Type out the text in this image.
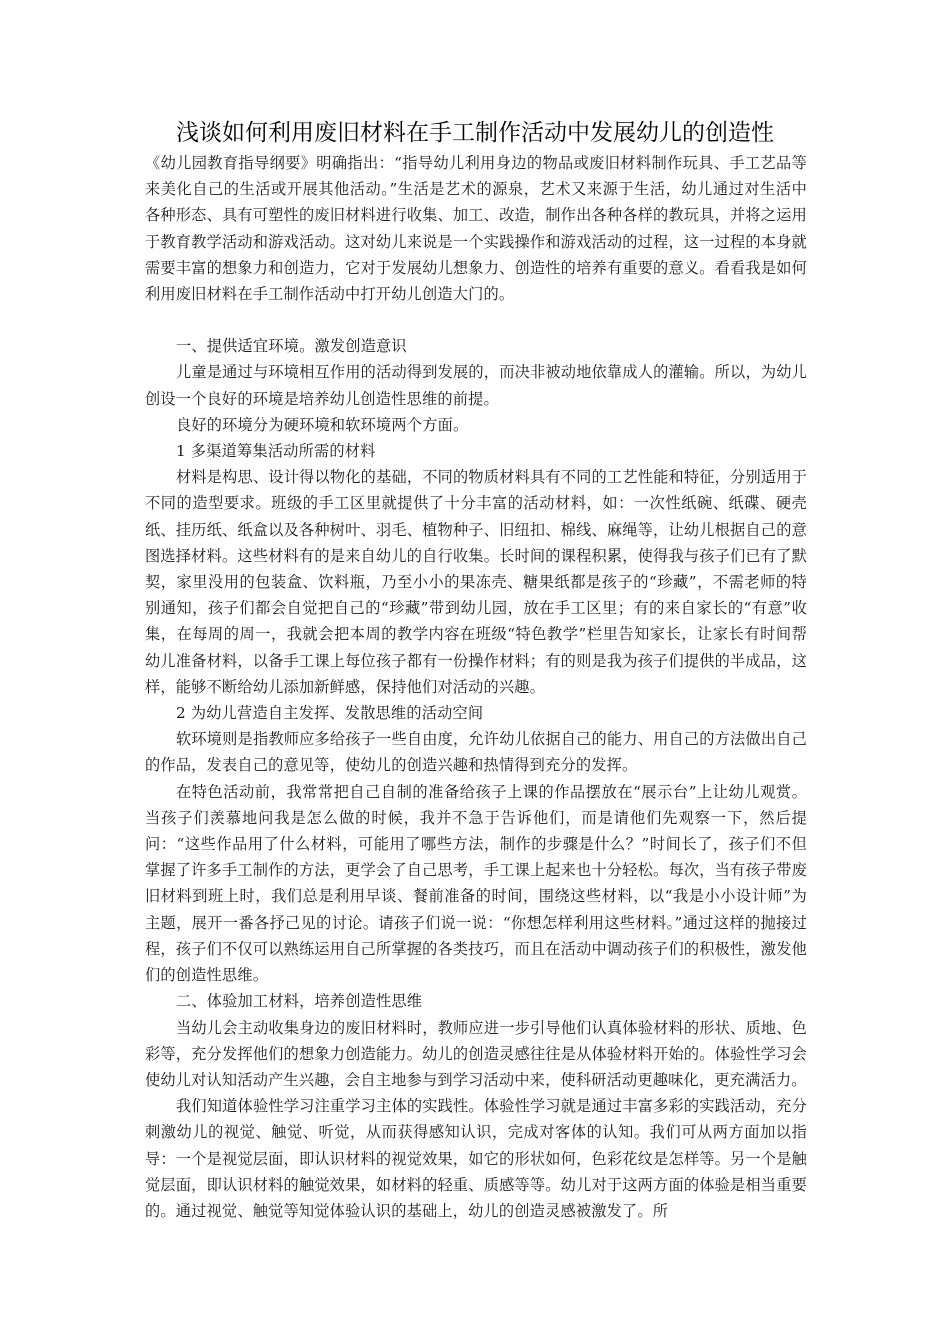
浅谈如何利用废旧材料在手工制作活动中发展幼儿的创造性

《幼儿园教育指导纲要》明确指出：“指导幼儿利用身边的物品或废旧材料制作玩具、手工艺品等来美化自己的生活或开展其他活动。”生活是艺术的源泉，艺术又来源于生活，幼儿通过对生活中各种形态、具有可塑性的废旧材料进行收集、加工、改造，制作出各种各样的教玩具，并将之运用于教育教学活动和游戏活动。这对幼儿来说是一个实践操作和游戏活动的过程，这一过程的本身就需要丰富的想象力和创造力，它对于发展幼儿想象力、创造性的培养有重要的意义。看看我是如何利用废旧材料在手工制作活动中打开幼儿创造大门的。

一、提供适宜环境。激发创造意识

儿童是通过与环境相互作用的活动得到发展的，而决非被动地依靠成人的灌输。所以，为幼儿创设一个良好的环境是培养幼儿创造性思维的前提。

良好的环境分为硬环境和软环境两个方面。

1 多渠道筹集活动所需的材料

材料是构思、设计得以物化的基础，不同的物质材料具有不同的工艺性能和特征，分别适用于不同的造型要求。班级的手工区里就提供了十分丰富的活动材料，如：一次性纸碗、纸碟、硬壳纸、挂历纸、纸盒以及各种树叶、羽毛、植物种子、旧纽扣、棉线、麻绳等，让幼儿根据自己的意图选择材料。这些材料有的是来自幼儿的自行收集。长时间的课程积累，使得我与孩子们已有了默契，家里没用的包装盒、饮料瓶，乃至小小的果冻壳、糖果纸都是孩子的“珍藏”，不需老师的特别通知，孩子们都会自觉把自己的“珍藏”带到幼儿园，放在手工区里；有的来自家长的“有意”收集，在每周的周一，我就会把本周的教学内容在班级“特色教学”栏里告知家长，让家长有时间帮幼儿准备材料，以备手工课上每位孩子都有一份操作材料；有的则是我为孩子们提供的半成品，这样，能够不断给幼儿添加新鲜感，保持他们对活动的兴趣。

2 为幼儿营造自主发挥、发散思维的活动空间

软环境则是指教师应多给孩子一些自由度，允许幼儿依据自己的能力、用自己的方法做出自己的作品，发表自己的意见等，使幼儿的创造兴趣和热情得到充分的发挥。

在特色活动前，我常常把自己自制的准备给孩子上课的作品摆放在“展示台”上让幼儿观赏。当孩子们羡慕地问我是怎么做的时候，我并不急于告诉他们，而是请他们先观察一下，然后提问：“这些作品用了什么材料，可能用了哪些方法，制作的步骤是什么？”时间长了，孩子们不但掌握了许多手工制作的方法，更学会了自己思考，手工课上起来也十分轻松。每次，当有孩子带废旧材料到班上时，我们总是利用早谈、餐前准备的时间，围绕这些材料，以“我是小小设计师”为主题，展开一番各抒己见的讨论。请孩子们说一说：“你想怎样利用这些材料。”通过这样的抛接过程，孩子们不仅可以熟练运用自己所掌握的各类技巧，而且在活动中调动孩子们的积极性，激发他们的创造性思维。

二、体验加工材料，培养创造性思维

当幼儿会主动收集身边的废旧材料时，教师应进一步引导他们认真体验材料的形状、质地、色彩等，充分发挥他们的想象力创造能力。幼儿的创造灵感往往是从体验材料开始的。体验性学习会使幼儿对认知活动产生兴趣，会自主地参与到学习活动中来，使科研活动更趣味化，更充满活力。

我们知道体验性学习注重学习主体的实践性。体验性学习就是通过丰富多彩的实践活动，充分刺激幼儿的视觉、触觉、听觉，从而获得感知认识，完成对客体的认知。我们可从两方面加以指导：一个是视觉层面，即认识材料的视觉效果，如它的形状如何，色彩花纹是怎样等。另一个是触觉层面，即认识材料的触觉效果，如材料的轻重、质感等等。幼儿对于这两方面的体验是相当重要的。通过视觉、触觉等知觉体验认识的基础上，幼儿的创造灵感被激发了。所
